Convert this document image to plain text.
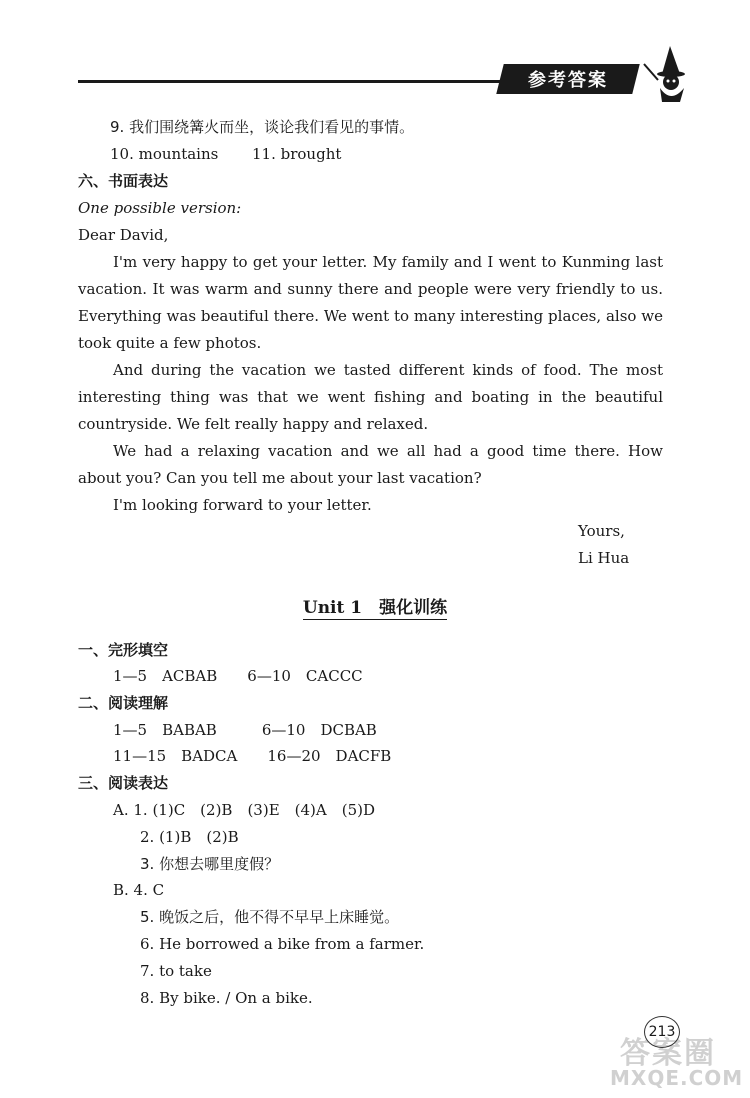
参考答案
9. 我们围绕篝火而坐，谈论我们看见的事情。
10. mountains 11. brought
六、书面表达
One possible version:
Dear David,
I'm very happy to get your letter. My family and I went to Kunming last vacation. It was warm and sunny there and people were very friendly to us. Everything was beautiful there. We went to many interesting places, also we took quite a few photos.
And during the vacation we tasted different kinds of food. The most interesting thing was that we went fishing and boating in the beautiful countryside. We felt really happy and relaxed.
We had a relaxing vacation and we all had a good time there. How about you? Can you tell me about your last vacation?
I'm looking forward to your letter.
Yours,
Li Hua
Unit 1　强化训练
一、完形填空
1—5　ACBAB　　6—10　CACCC
二、阅读理解
1—5　BABAB　　　6—10　DCBAB
11—15　BADCA　　16—20　DACFB
三、阅读表达
A. 1. (1)C　(2)B　(3)E　(4)A　(5)D
2. (1)B　(2)B
3. 你想去哪里度假？
B. 4. C
5. 晚饭之后，他不得不早早上床睡觉。
6. He borrowed a bike from a farmer.
7. to take
8. By bike. / On a bike.
答案圈
MXQE.COM
213
